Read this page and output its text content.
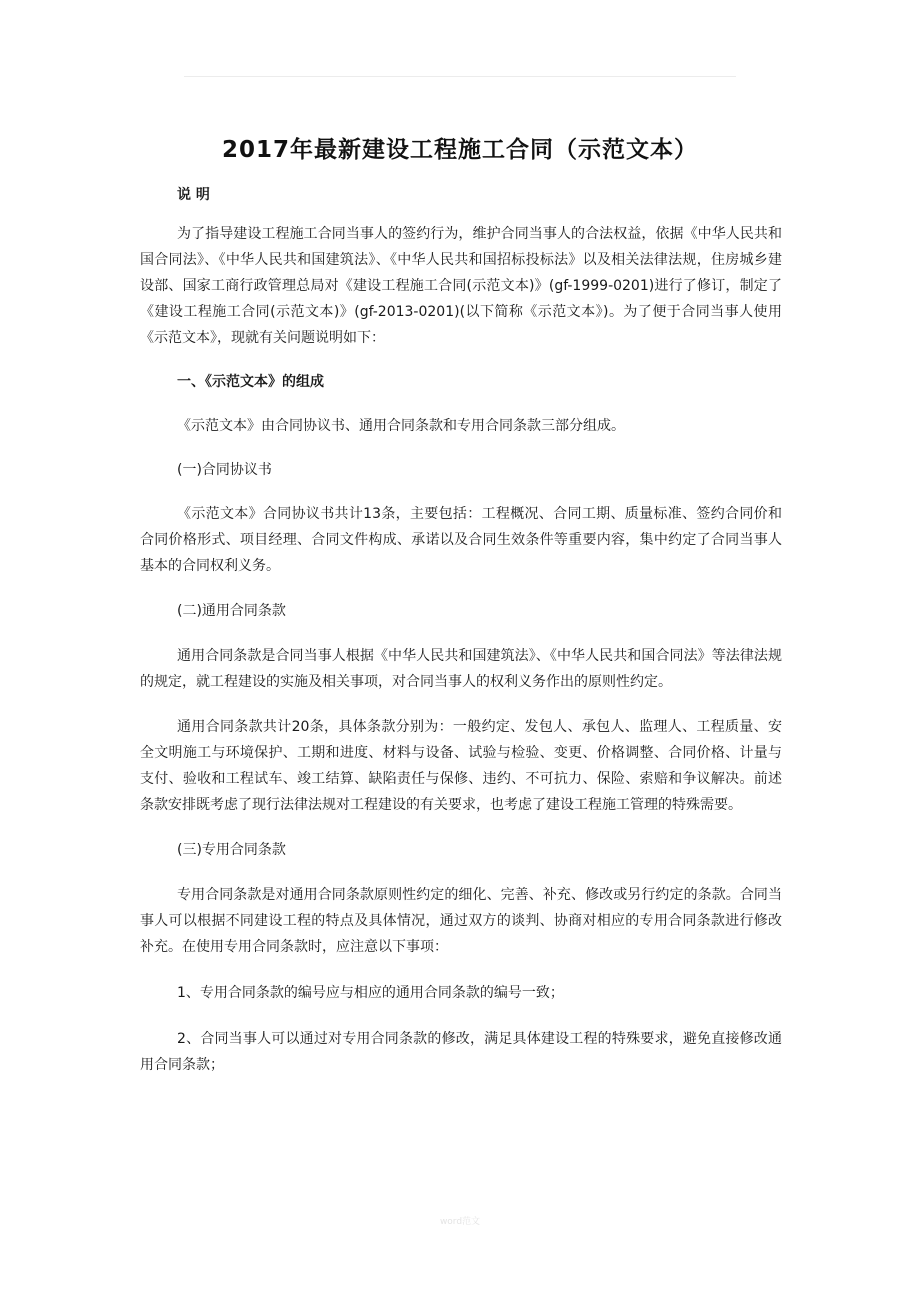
2017年最新建设工程施工合同（示范文本）

说 明

为了指导建设工程施工合同当事人的签约行为，维护合同当事人的合法权益，依据《中华人民共和国合同法》、《中华人民共和国建筑法》、《中华人民共和国招标投标法》以及相关法律法规，住房城乡建设部、国家工商行政管理总局对《建设工程施工合同(示范文本)》(gf-1999-0201)进行了修订，制定了《建设工程施工合同(示范文本)》(gf-2013-0201)(以下简称《示范文本》)。为了便于合同当事人使用《示范文本》，现就有关问题说明如下：

一、《示范文本》的组成

《示范文本》由合同协议书、通用合同条款和专用合同条款三部分组成。

(一)合同协议书

《示范文本》合同协议书共计13条，主要包括：工程概况、合同工期、质量标准、签约合同价和合同价格形式、项目经理、合同文件构成、承诺以及合同生效条件等重要内容，集中约定了合同当事人基本的合同权利义务。

(二)通用合同条款

通用合同条款是合同当事人根据《中华人民共和国建筑法》、《中华人民共和国合同法》等法律法规的规定，就工程建设的实施及相关事项，对合同当事人的权利义务作出的原则性约定。

通用合同条款共计20条，具体条款分别为：一般约定、发包人、承包人、监理人、工程质量、安全文明施工与环境保护、工期和进度、材料与设备、试验与检验、变更、价格调整、合同价格、计量与支付、验收和工程试车、竣工结算、缺陷责任与保修、违约、不可抗力、保险、索赔和争议解决。前述条款安排既考虑了现行法律法规对工程建设的有关要求，也考虑了建设工程施工管理的特殊需要。

(三)专用合同条款

专用合同条款是对通用合同条款原则性约定的细化、完善、补充、修改或另行约定的条款。合同当事人可以根据不同建设工程的特点及具体情况，通过双方的谈判、协商对相应的专用合同条款进行修改补充。在使用专用合同条款时，应注意以下事项：

1、专用合同条款的编号应与相应的通用合同条款的编号一致；

2、合同当事人可以通过对专用合同条款的修改，满足具体建设工程的特殊要求，避免直接修改通用合同条款；

word范文
